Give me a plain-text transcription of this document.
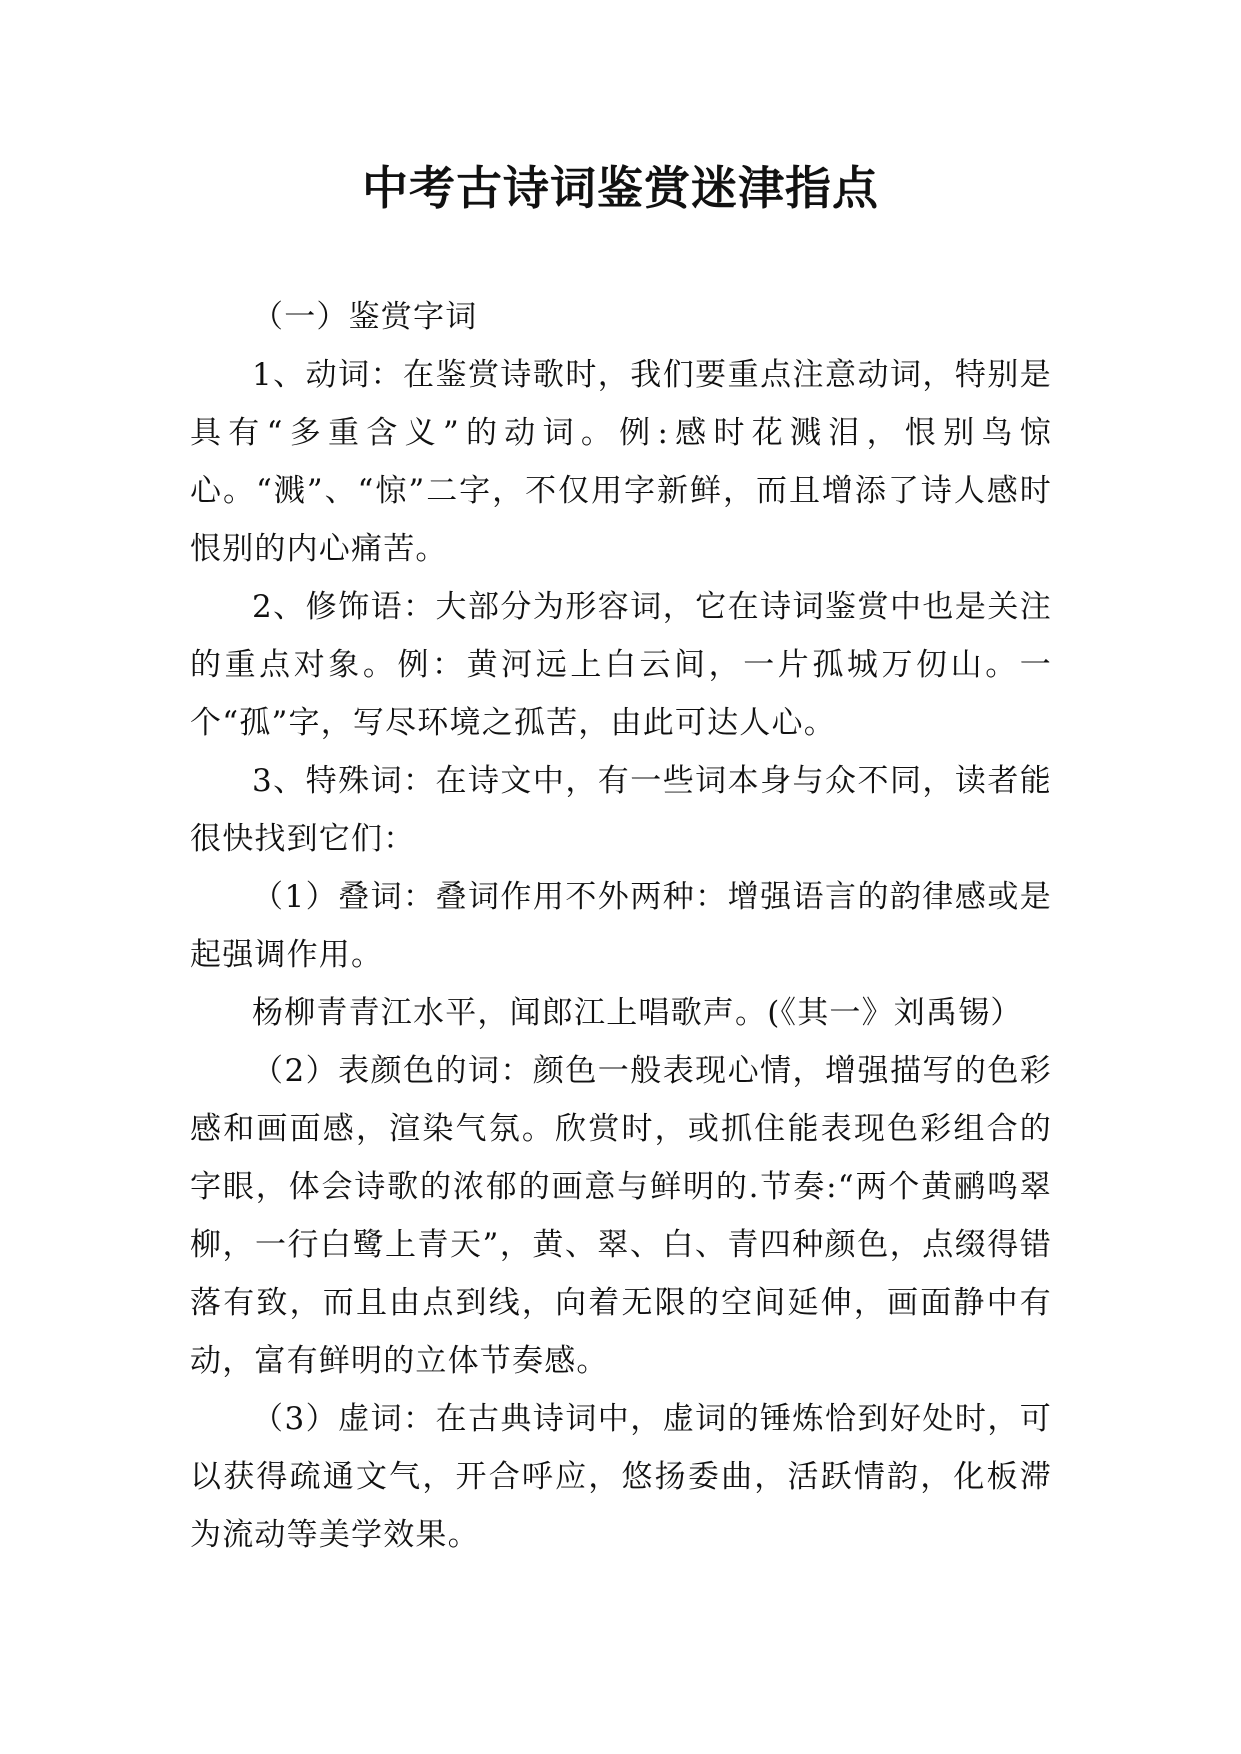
中考古诗词鉴赏迷津指点

（一）鉴赏字词

1、动词：在鉴赏诗歌时，我们要重点注意动词，特别是具有“多重含义”的动词。例:感时花溅泪，恨别鸟惊心。“溅”、“惊”二字，不仅用字新鲜，而且增添了诗人感时恨别的内心痛苦。

2、修饰语：大部分为形容词，它在诗词鉴赏中也是关注的重点对象。例：黄河远上白云间，一片孤城万仞山。一个“孤”字，写尽环境之孤苦，由此可达人心。

3、特殊词：在诗文中，有一些词本身与众不同，读者能很快找到它们：

（1）叠词：叠词作用不外两种：增强语言的韵律感或是起强调作用。

杨柳青青江水平，闻郎江上唱歌声。(《其一》刘禹锡）

（2）表颜色的词：颜色一般表现心情，增强描写的色彩感和画面感，渲染气氛。欣赏时，或抓住能表现色彩组合的字眼，体会诗歌的浓郁的画意与鲜明的.节奏:“两个黄鹂鸣翠柳，一行白鹭上青天”，黄、翠、白、青四种颜色，点缀得错落有致，而且由点到线，向着无限的空间延伸，画面静中有动，富有鲜明的立体节奏感。

（3）虚词：在古典诗词中，虚词的锤炼恰到好处时，可以获得疏通文气，开合呼应，悠扬委曲，活跃情韵，化板滞为流动等美学效果。
